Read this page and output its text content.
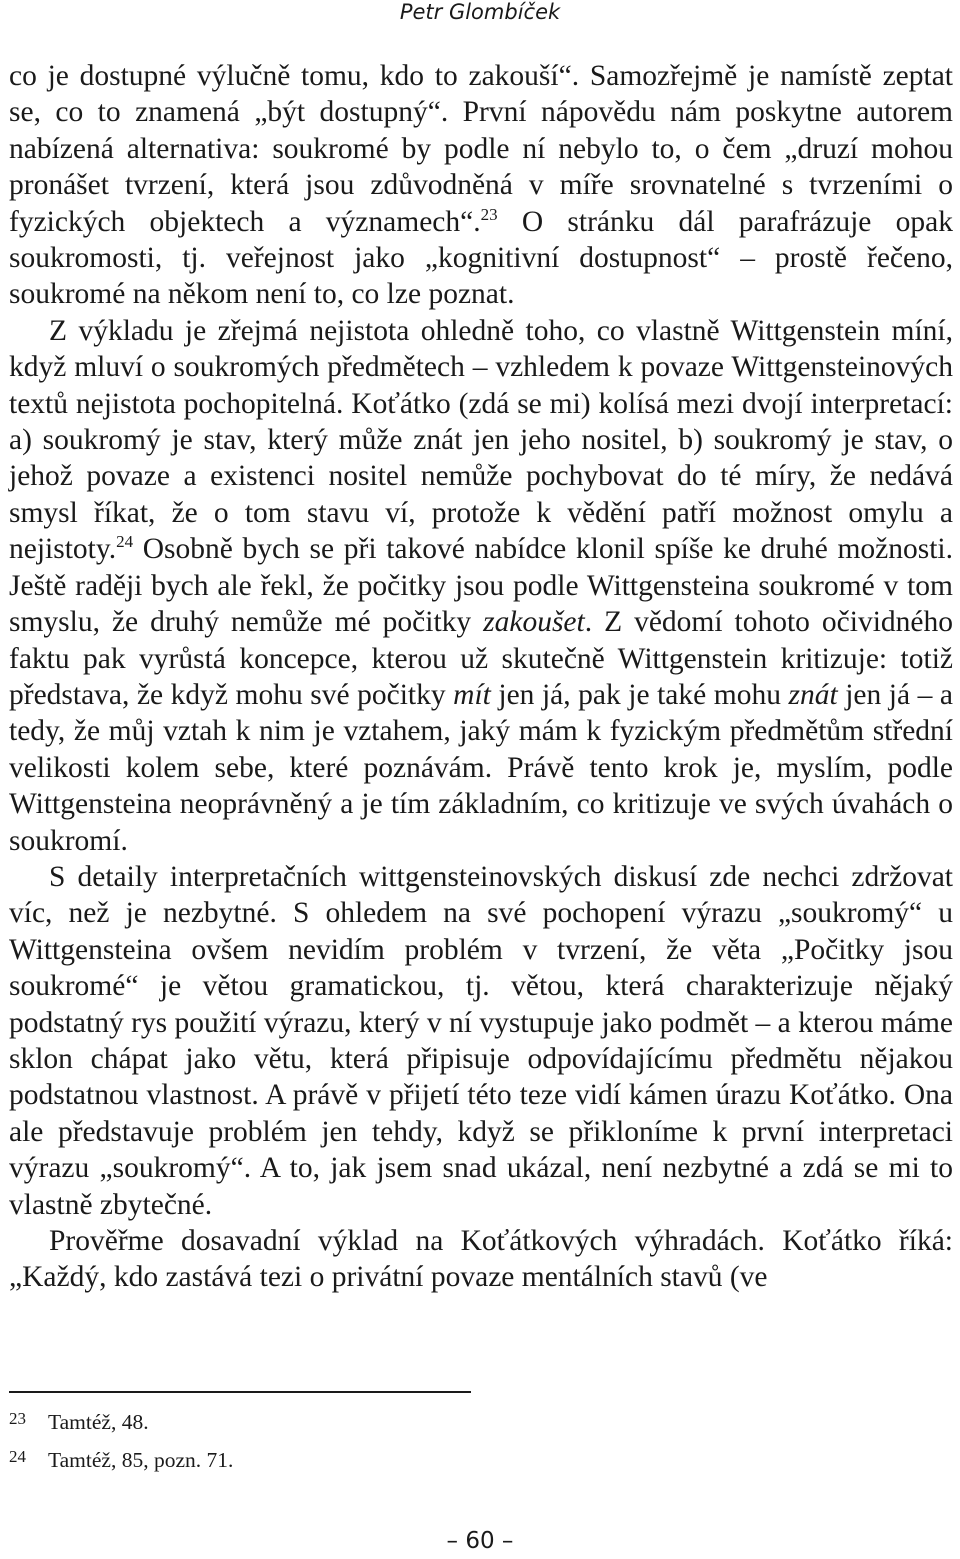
Petr Glombíček

co je dostupné výlučně tomu, kdo to zakouší“. Samozřejmě je namístě zeptat se, co to znamená „být dostupný“. První nápovědu nám poskytne autorem nabízená alternativa: soukromé by podle ní nebylo to, o čem „druzí mohou pronášet tvrzení, která jsou zdůvodněná v míře srovnatelné s tvrzeními o fyzických objektech a významech“.$^{23}$ O stránku dál parafrázuje opak soukromosti, tj. veřejnost jako „kognitivní dostupnost“ – prostě řečeno, soukromé na někom není to, co lze poznat.

Z výkladu je zřejmá nejistota ohledně toho, co vlastně Wittgenstein míní, když mluví o soukromých předmětech – vzhledem k povaze Wittgensteinových textů nejistota pochopitelná. Koťátko (zdá se mi) kolísá mezi dvojí interpretací: a) soukromý je stav, který může znát jen jeho nositel, b) soukromý je stav, o jehož povaze a existenci nositel nemůže pochybovat do té míry, že nedává smysl říkat, že o tom stavu ví, protože k vědění patří možnost omylu a nejistoty.$^{24}$ Osobně bych se při takové nabídce klonil spíše ke druhé možnosti. Ještě raději bych ale řekl, že počitky jsou podle Wittgensteina soukromé v tom smyslu, že druhý nemůže mé počitky zakoušet. Z vědomí tohoto očividného faktu pak vyrůstá koncepce, kterou už skutečně Wittgenstein kritizuje: totiž představa, že když mohu své počitky mít jen já, pak je také mohu znát jen já – a tedy, že můj vztah k nim je vztahem, jaký mám k fyzickým předmětům střední velikosti kolem sebe, které poznávám. Právě tento krok je, myslím, podle Wittgensteina neoprávněný a je tím základním, co kritizuje ve svých úvahách o soukromí.

S detaily interpretačních wittgensteinovských diskusí zde nechci zdržovat víc, než je nezbytné. S ohledem na své pochopení výrazu „soukromý“ u Wittgensteina ovšem nevidím problém v tvrzení, že věta „Počitky jsou soukromé“ je větou gramatickou, tj. větou, která charakterizuje nějaký podstatný rys použití výrazu, který v ní vystupuje jako podmět – a kterou máme sklon chápat jako větu, která připisuje odpovídajícímu předmětu nějakou podstatnou vlastnost. A právě v přijetí této teze vidí kámen úrazu Koťátko. Ona ale představuje problém jen tehdy, když se přikloníme k první interpretaci výrazu „soukromý“. A to, jak jsem snad ukázal, není nezbytné a zdá se mi to vlastně zbytečné.

Prověřme dosavadní výklad na Koťátkových výhradách. Koťátko říká: „Každý, kdo zastává tezi o privátní povaze mentálních stavů (ve

23 Tamtéž, 48.
24 Tamtéž, 85, pozn. 71.
– 60 –
